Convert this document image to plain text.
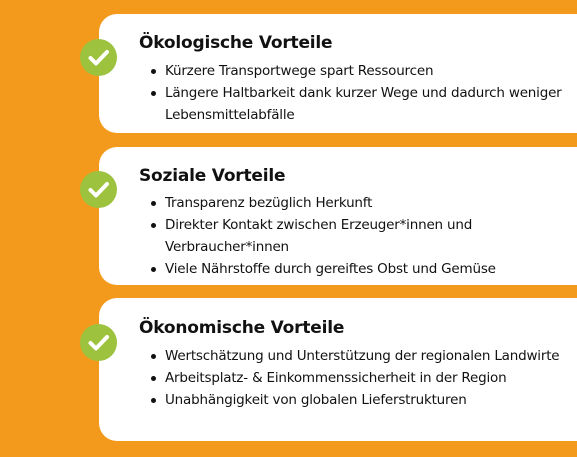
Ökologische Vorteile
Kürzere Transportwege spart Ressourcen
Längere Haltbarkeit dank kurzer Wege und dadurch weniger Lebensmittelabfälle
Soziale Vorteile
Transparenz bezüglich Herkunft
Direkter Kontakt zwischen Erzeuger*innen und Verbraucher*innen
Viele Nährstoffe durch gereiftes Obst und Gemüse
Ökonomische Vorteile
Wertschätzung und Unterstützung der regionalen Landwirte
Arbeitsplatz- & Einkommenssicherheit in der Region
Unabhängigkeit von globalen Lieferstrukturen
